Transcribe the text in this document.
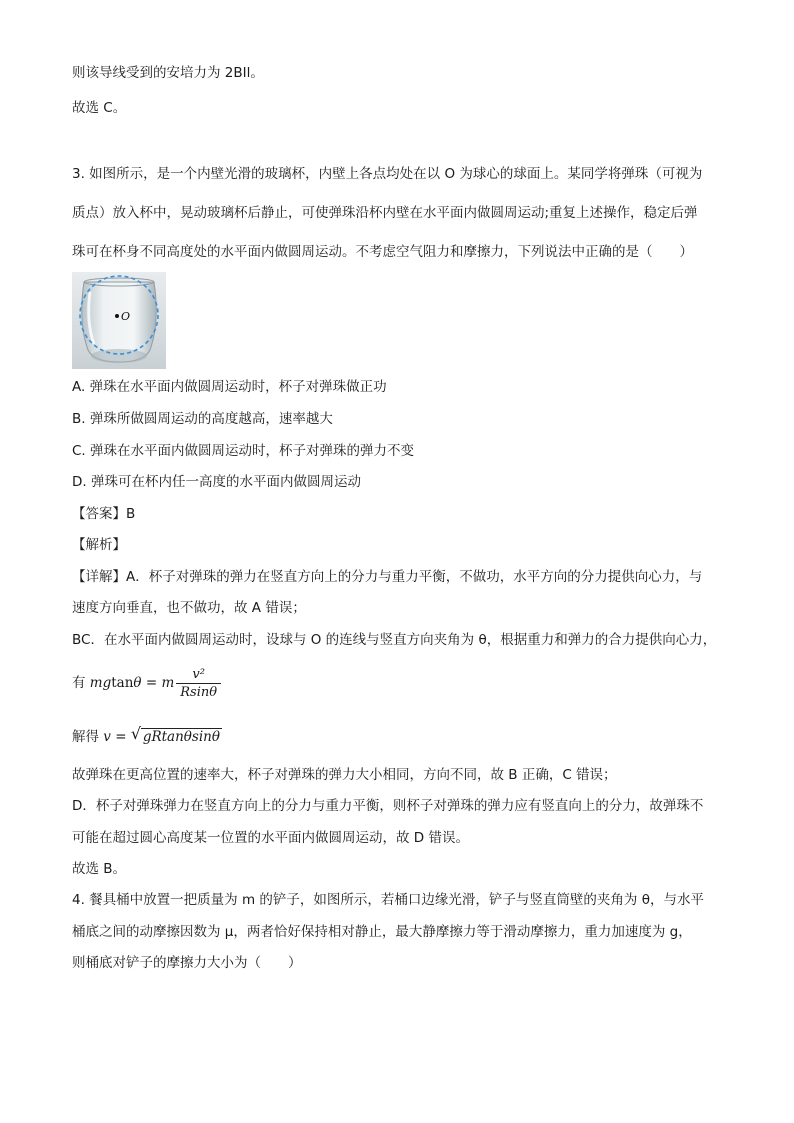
则该导线受到的安培力为 2BIl。
故选 C。
3. 如图所示，是一个内壁光滑的玻璃杯，内壁上各点均处在以 O 为球心的球面上。某同学将弹珠（可视为
质点）放入杯中，晃动玻璃杯后静止，可使弹珠沿杯内壁在水平面内做圆周运动;重复上述操作，稳定后弹
珠可在杯身不同高度处的水平面内做圆周运动。不考虑空气阻力和摩擦力，下列说法中正确的是（　　）
O
A. 弹珠在水平面内做圆周运动时，杯子对弹珠做正功
B. 弹珠所做圆周运动的高度越高，速率越大
C. 弹珠在水平面内做圆周运动时，杯子对弹珠的弹力不变
D. 弹珠可在杯内任一高度的水平面内做圆周运动
【答案】B
【解析】
【详解】A．杯子对弹珠的弹力在竖直方向上的分力与重力平衡，不做功，水平方向的分力提供向心力，与
速度方向垂直，也不做功，故 A 错误；
BC．在水平面内做圆周运动时，设球与 O 的连线与竖直方向夹角为 θ，根据重力和弹力的合力提供向心力，
有 mgtanθ = m $\frac{\text{v²}}{Rsin\theta}$
解得 v = √ gRtanθsinθ
故弹珠在更高位置的速率大，杯子对弹珠的弹力大小相同，方向不同，故 B 正确，C 错误；
D．杯子对弹珠弹力在竖直方向上的分力与重力平衡，则杯子对弹珠的弹力应有竖直向上的分力，故弹珠不
可能在超过圆心高度某一位置的水平面内做圆周运动，故 D 错误。
故选 B。
4. 餐具桶中放置一把质量为 m 的铲子，如图所示，若桶口边缘光滑，铲子与竖直筒壁的夹角为 θ，与水平
桶底之间的动摩擦因数为 μ，两者恰好保持相对静止，最大静摩擦力等于滑动摩擦力，重力加速度为 g，
则桶底对铲子的摩擦力大小为（　　）
